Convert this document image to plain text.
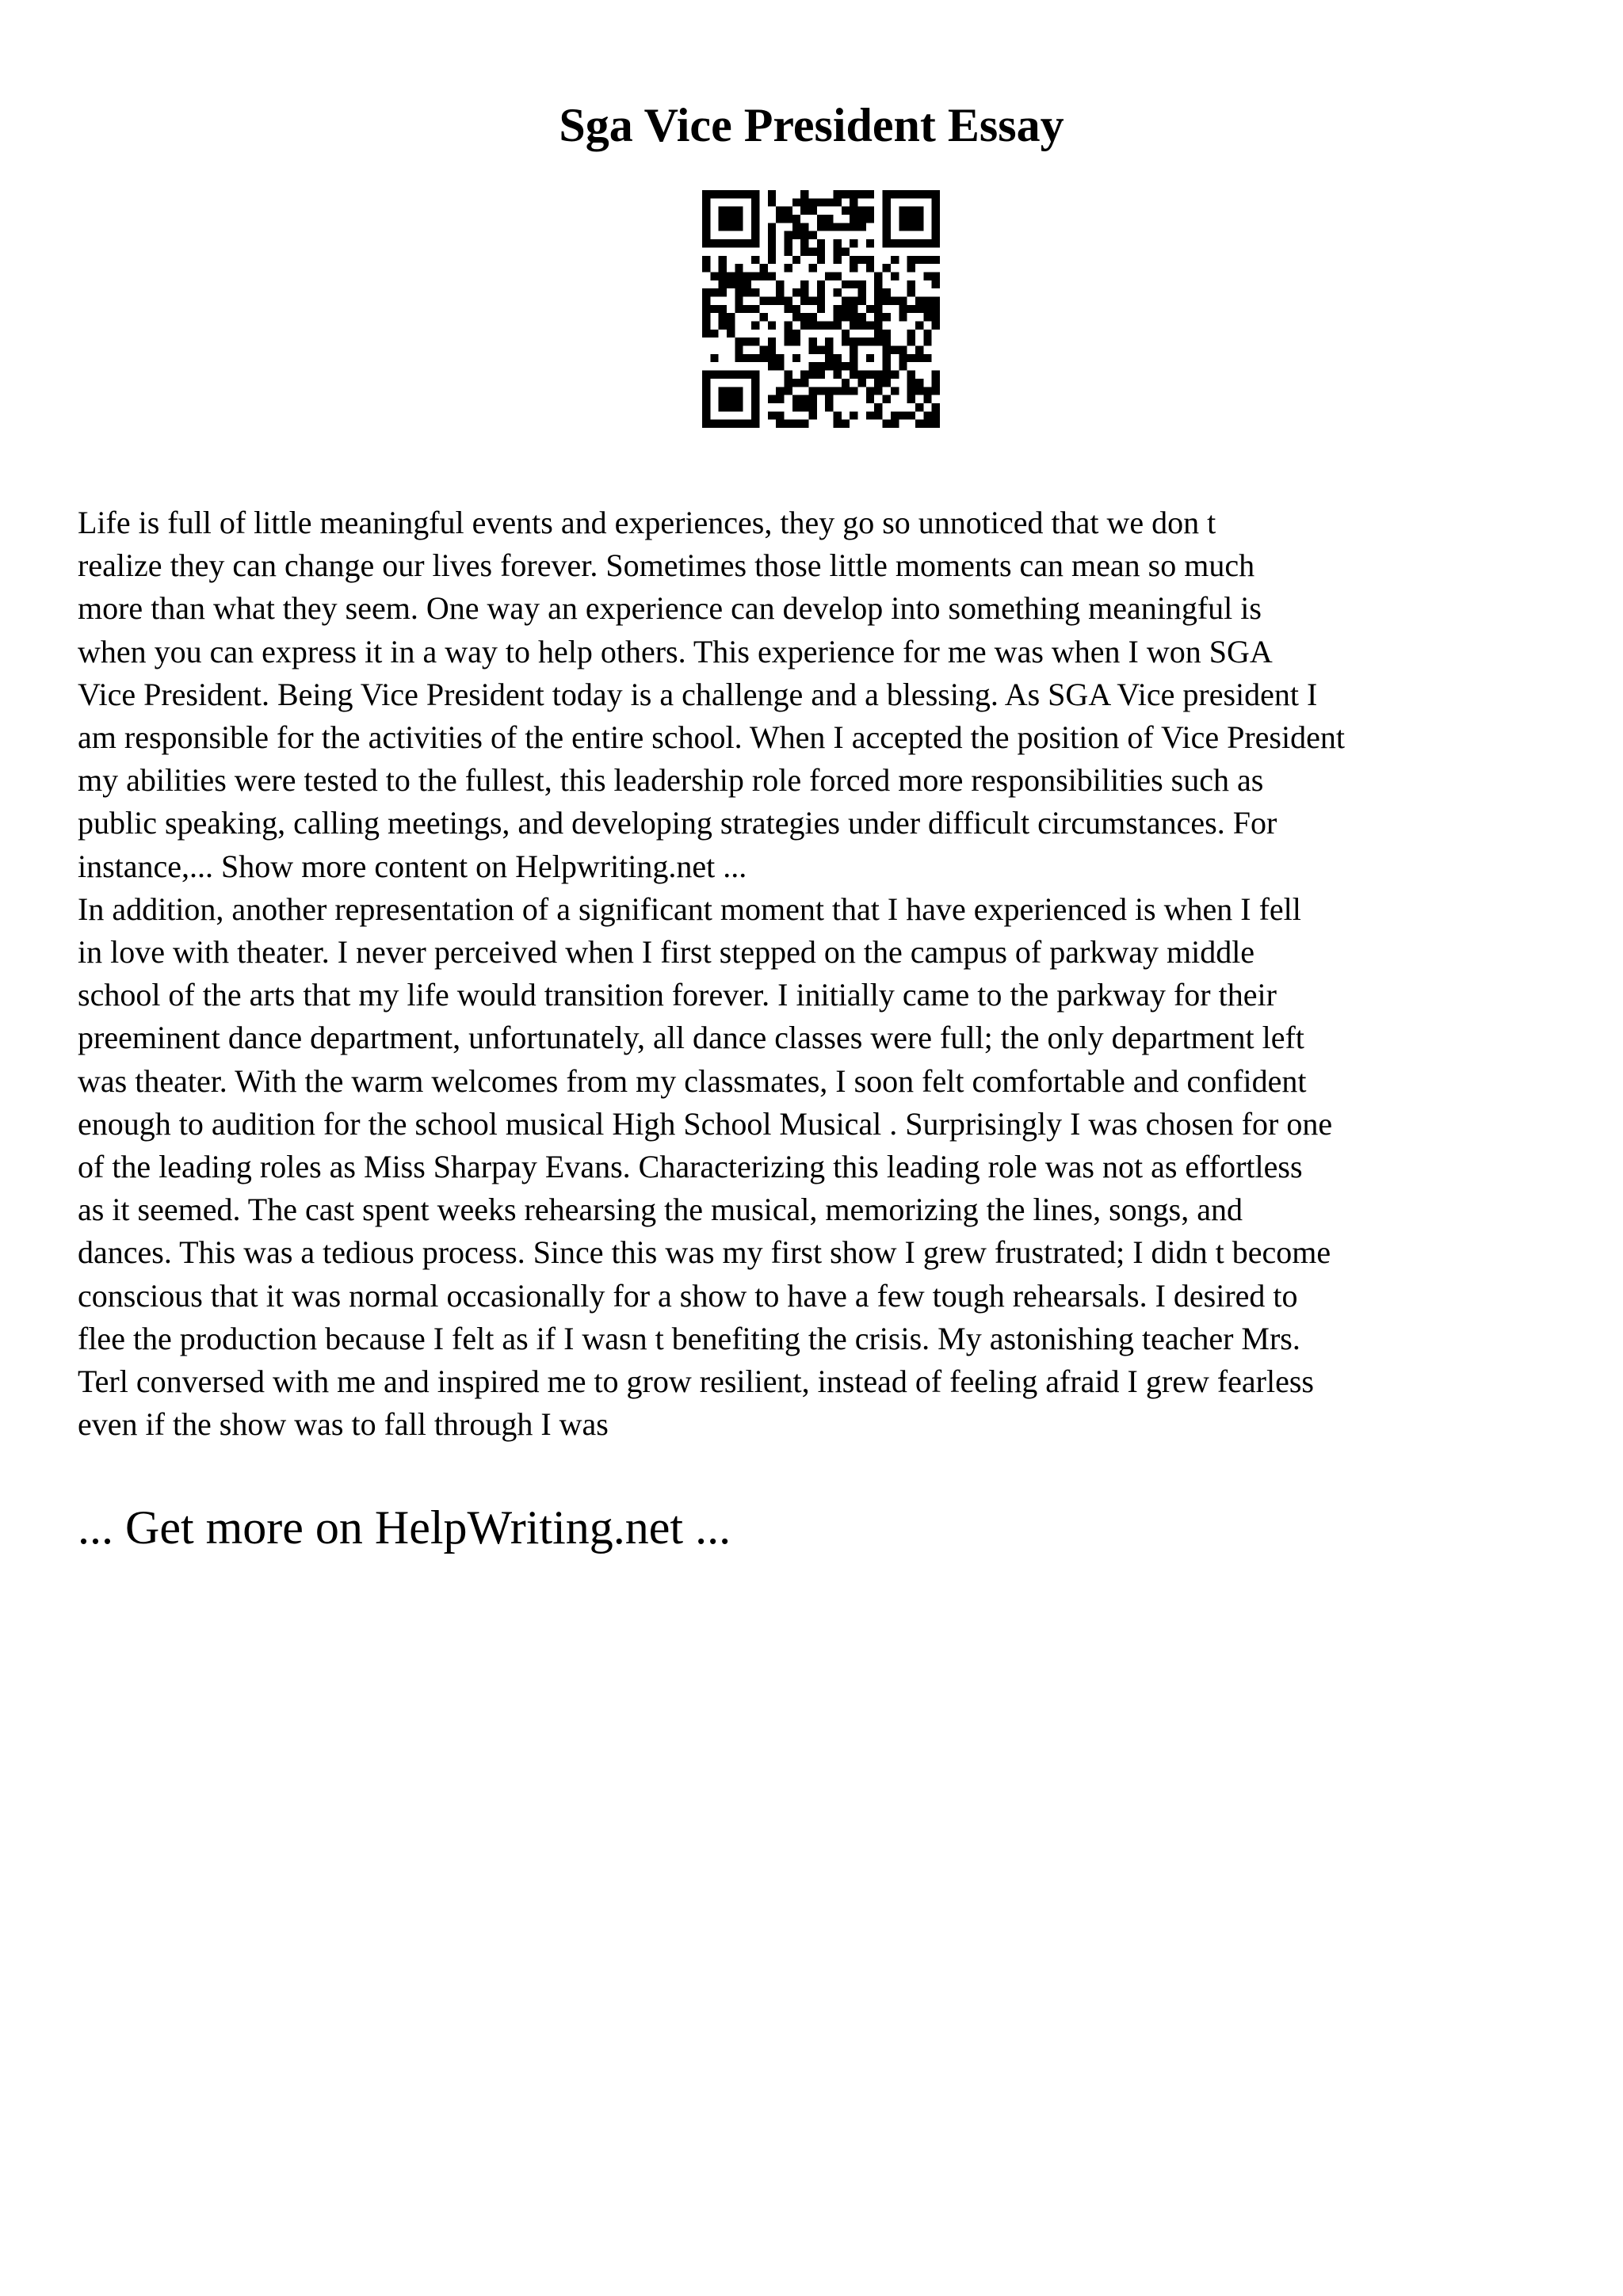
Sga Vice President Essay

Life is full of little meaningful events and experiences, they go so unnoticed that we don t
realize they can change our lives forever. Sometimes those little moments can mean so much
more than what they seem. One way an experience can develop into something meaningful is
when you can express it in a way to help others. This experience for me was when I won SGA
Vice President. Being Vice President today is a challenge and a blessing. As SGA Vice president I
am responsible for the activities of the entire school. When I accepted the position of Vice President
my abilities were tested to the fullest, this leadership role forced more responsibilities such as
public speaking, calling meetings, and developing strategies under difficult circumstances. For
instance,... Show more content on Helpwriting.net ...

In addition, another representation of a significant moment that I have experienced is when I fell
in love with theater. I never perceived when I first stepped on the campus of parkway middle
school of the arts that my life would transition forever. I initially came to the parkway for their
preeminent dance department, unfortunately, all dance classes were full; the only department left
was theater. With the warm welcomes from my classmates, I soon felt comfortable and confident
enough to audition for the school musical High School Musical . Surprisingly I was chosen for one
of the leading roles as Miss Sharpay Evans. Characterizing this leading role was not as effortless
as it seemed. The cast spent weeks rehearsing the musical, memorizing the lines, songs, and
dances. This was a tedious process. Since this was my first show I grew frustrated; I didn t become
conscious that it was normal occasionally for a show to have a few tough rehearsals. I desired to
flee the production because I felt as if I wasn t benefiting the crisis. My astonishing teacher Mrs.
Terl conversed with me and inspired me to grow resilient, instead of feeling afraid I grew fearless
even if the show was to fall through I was

... Get more on HelpWriting.net ...
